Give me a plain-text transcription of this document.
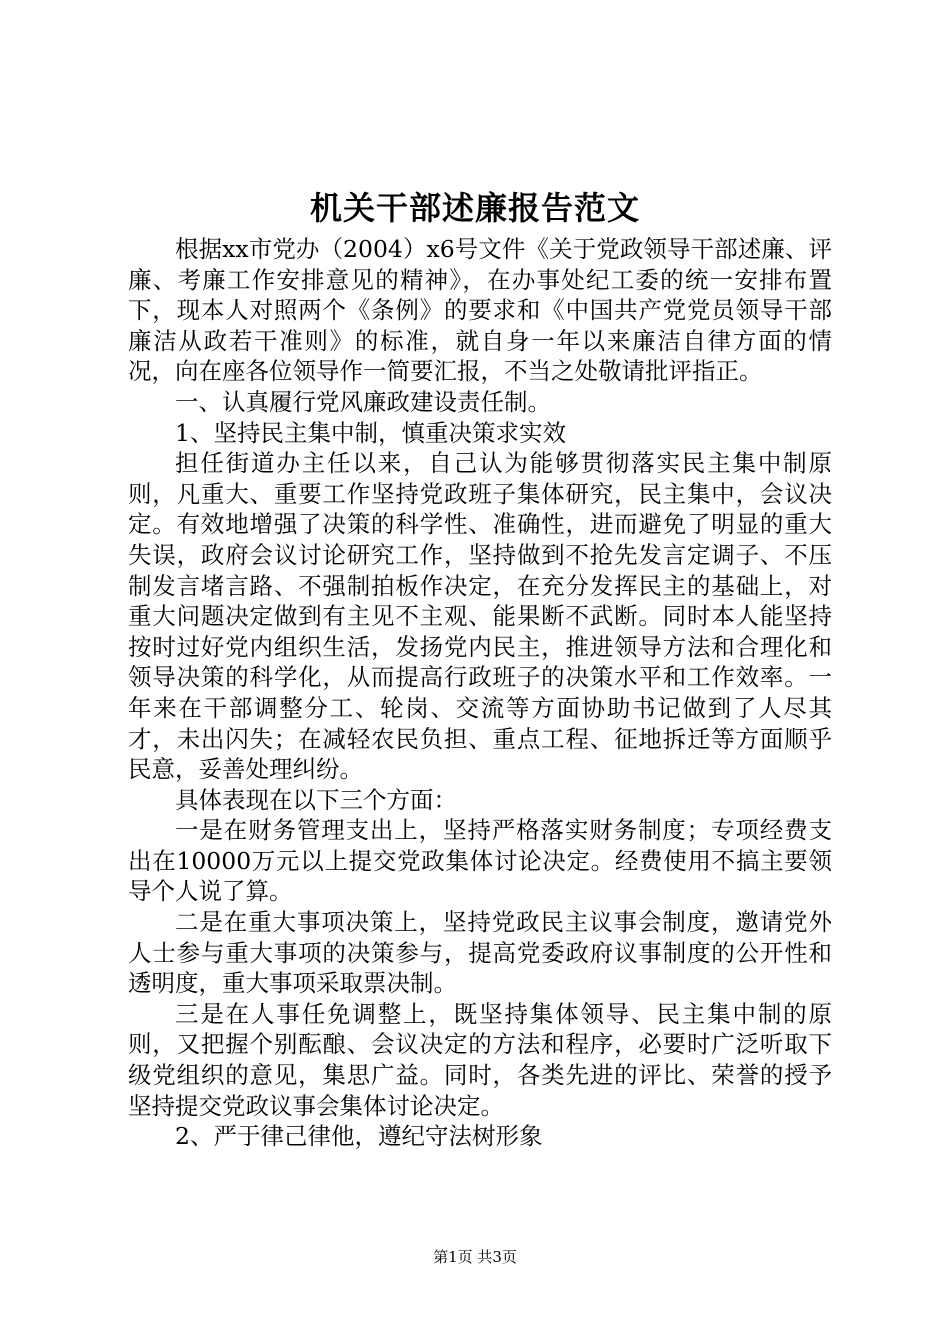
机关干部述廉报告范文

根据xx市党办（2004）x6号文件《关于党政领导干部述廉、评廉、考廉工作安排意见的精神》，在办事处纪工委的统一安排布置下，现本人对照两个《条例》的要求和《中国共产党党员领导干部廉洁从政若干准则》的标准，就自身一年以来廉洁自律方面的情况，向在座各位领导作一简要汇报，不当之处敬请批评指正。

一、认真履行党风廉政建设责任制。

1、坚持民主集中制，慎重决策求实效

担任街道办主任以来，自己认为能够贯彻落实民主集中制原则，凡重大、重要工作坚持党政班子集体研究，民主集中，会议决定。有效地增强了决策的科学性、准确性，进而避免了明显的重大失误，政府会议讨论研究工作，坚持做到不抢先发言定调子、不压制发言堵言路、不强制拍板作决定，在充分发挥民主的基础上，对重大问题决定做到有主见不主观、能果断不武断。同时本人能坚持按时过好党内组织生活，发扬党内民主，推进领导方法和合理化和领导决策的科学化，从而提高行政班子的决策水平和工作效率。一年来在干部调整分工、轮岗、交流等方面协助书记做到了人尽其才，未出闪失；在减轻农民负担、重点工程、征地拆迁等方面顺乎民意，妥善处理纠纷。

具体表现在以下三个方面：

一是在财务管理支出上，坚持严格落实财务制度；专项经费支出在10000万元以上提交党政集体讨论决定。经费使用不搞主要领导个人说了算。

二是在重大事项决策上，坚持党政民主议事会制度，邀请党外人士参与重大事项的决策参与，提高党委政府议事制度的公开性和透明度，重大事项采取票决制。

三是在人事任免调整上，既坚持集体领导、民主集中制的原则，又把握个别酝酿、会议决定的方法和程序，必要时广泛听取下级党组织的意见，集思广益。同时，各类先进的评比、荣誉的授予坚持提交党政议事会集体讨论决定。

2、严于律己律他，遵纪守法树形象

第1页 共3页
